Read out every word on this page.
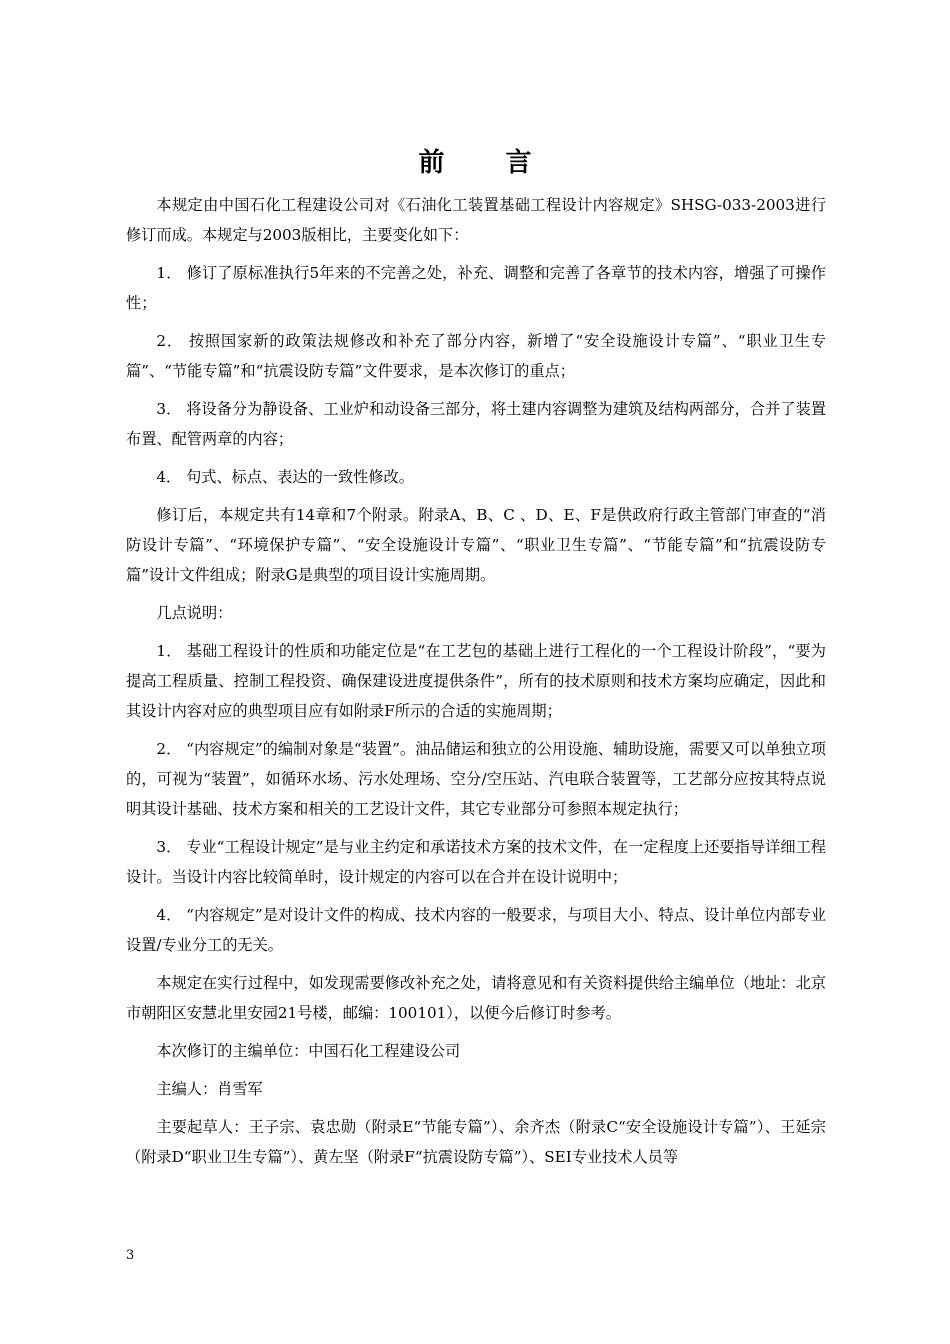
前 言

本规定由中国石化工程建设公司对《石油化工装置基础工程设计内容规定》SHSG-033-2003进行修订而成。本规定与2003版相比，主要变化如下：

1． 修订了原标准执行5年来的不完善之处，补充、调整和完善了各章节的技术内容，增强了可操作性；

2． 按照国家新的政策法规修改和补充了部分内容，新增了“安全设施设计专篇”、“职业卫生专篇”、“节能专篇”和“抗震设防专篇”文件要求，是本次修订的重点；

3． 将设备分为静设备、工业炉和动设备三部分，将土建内容调整为建筑及结构两部分，合并了装置布置、配管两章的内容；

4． 句式、标点、表达的一致性修改。

修订后，本规定共有14章和7个附录。附录A、B、C 、D、E、F是供政府行政主管部门审查的“消防设计专篇”、“环境保护专篇”、“安全设施设计专篇”、“职业卫生专篇”、“节能专篇”和“抗震设防专篇”设计文件组成；附录G是典型的项目设计实施周期。

几点说明：

1． 基础工程设计的性质和功能定位是“在工艺包的基础上进行工程化的一个工程设计阶段”，“要为提高工程质量、控制工程投资、确保建设进度提供条件”，所有的技术原则和技术方案均应确定，因此和其设计内容对应的典型项目应有如附录F所示的合适的实施周期；

2． “内容规定”的编制对象是“装置”。油品储运和独立的公用设施、辅助设施，需要又可以单独立项的，可视为“装置”，如循环水场、污水处理场、空分/空压站、汽电联合装置等，工艺部分应按其特点说明其设计基础、技术方案和相关的工艺设计文件，其它专业部分可参照本规定执行；

3． 专业“工程设计规定”是与业主约定和承诺技术方案的技术文件，在一定程度上还要指导详细工程设计。当设计内容比较简单时，设计规定的内容可以在合并在设计说明中；

4． “内容规定”是对设计文件的构成、技术内容的一般要求，与项目大小、特点、设计单位内部专业设置/专业分工的无关。

本规定在实行过程中，如发现需要修改补充之处，请将意见和有关资料提供给主编单位（地址：北京市朝阳区安慧北里安园21号楼，邮编：100101），以便今后修订时参考。

本次修订的主编单位：中国石化工程建设公司

主编人：肖雪军

主要起草人：王子宗、袁忠勋（附录E“节能专篇”）、余齐杰（附录C“安全设施设计专篇”）、王延宗（附录D“职业卫生专篇”）、黄左坚（附录F“抗震设防专篇”）、SEI专业技术人员等

3
